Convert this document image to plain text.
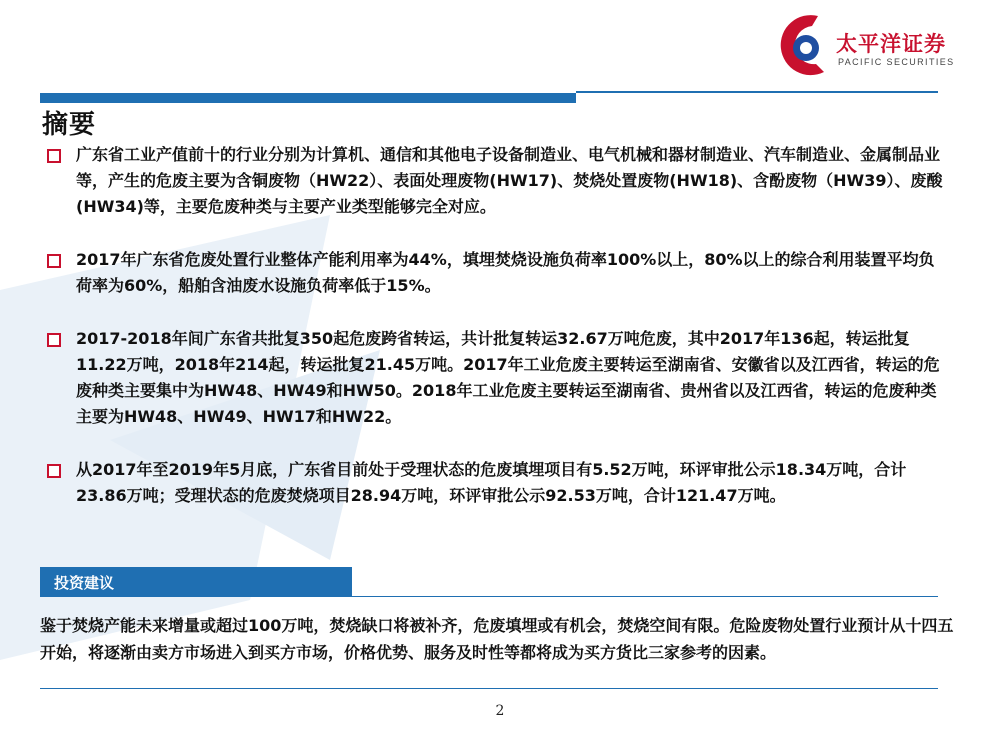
太平洋证券
PACIFIC SECURITIES
摘要
广东省工业产值前十的行业分别为计算机、通信和其他电子设备制造业、电气机械和器材制造业、汽车制造业、金属制品业等，产生的危废主要为含铜废物（HW22）、表面处理废物(HW17)、焚烧处置废物(HW18)、含酚废物（HW39）、废酸(HW34)等，主要危废种类与主要产业类型能够完全对应。
2017年广东省危废处置行业整体产能利用率为44%，填埋焚烧设施负荷率100%以上，80%以上的综合利用装置平均负荷率为60%，船舶含油废水设施负荷率低于15%。
2017-2018年间广东省共批复350起危废跨省转运，共计批复转运32.67万吨危废，其中2017年136起，转运批复11.22万吨，2018年214起，转运批复21.45万吨。2017年工业危废主要转运至湖南省、安徽省以及江西省，转运的危废种类主要集中为HW48、HW49和HW50。2018年工业危废主要转运至湖南省、贵州省以及江西省，转运的危废种类主要为HW48、HW49、HW17和HW22。
从2017年至2019年5月底，广东省目前处于受理状态的危废填埋项目有5.52万吨，环评审批公示18.34万吨，合计23.86万吨；受理状态的危废焚烧项目28.94万吨，环评审批公示92.53万吨，合计121.47万吨。
投资建议
鉴于焚烧产能未来增量或超过100万吨，焚烧缺口将被补齐，危废填埋或有机会，焚烧空间有限。危险废物处置行业预计从十四五开始，将逐渐由卖方市场进入到买方市场，价格优势、服务及时性等都将成为买方货比三家参考的因素。
2
